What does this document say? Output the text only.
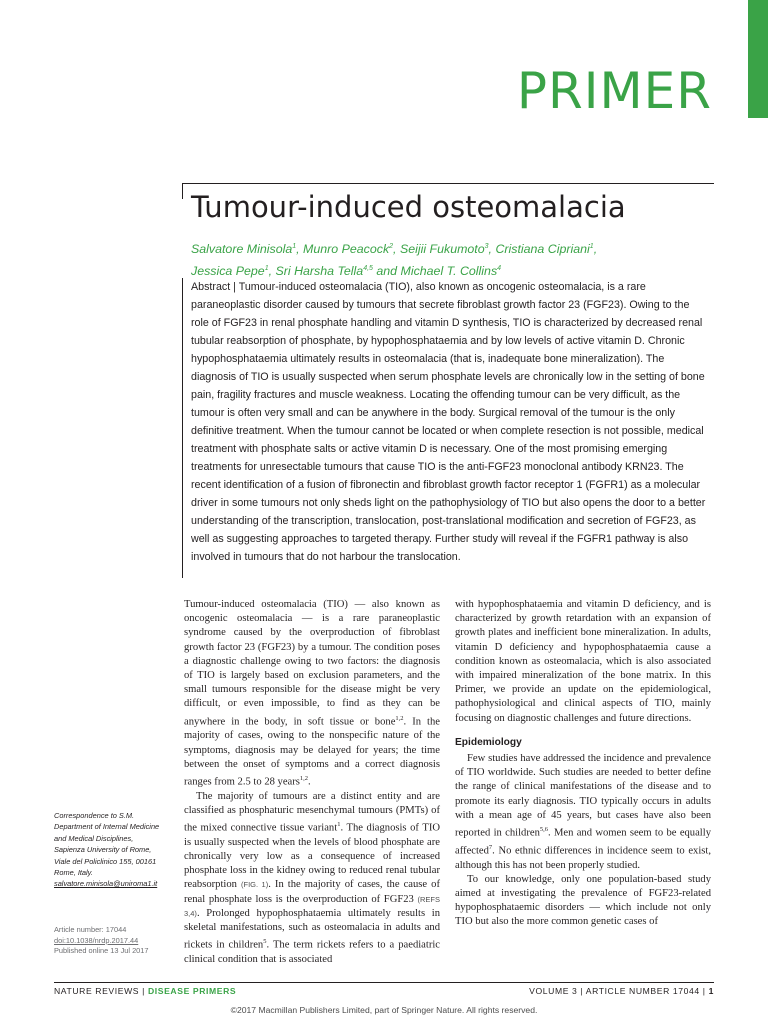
PRIMER
Tumour-induced osteomalacia
Salvatore Minisola$^1$, Munro Peacock$^2$, Seijii Fukumoto$^3$, Cristiana Cipriani$^1$,
Jessica Pepe$^1$, Sri Harsha Tella$^{4,5}$ and Michael T. Collins$^4$

Abstract | Tumour-induced osteomalacia (TIO), also known as oncogenic osteomalacia, is a rare paraneoplastic disorder caused by tumours that secrete fibroblast growth factor 23 (FGF23). Owing to the role of FGF23 in renal phosphate handling and vitamin D synthesis, TIO is characterized by decreased renal tubular reabsorption of phosphate, by hypophosphataemia and by low levels of active vitamin D. Chronic hypophosphataemia ultimately results in osteomalacia (that is, inadequate bone mineralization). The diagnosis of TIO is usually suspected when serum phosphate levels are chronically low in the setting of bone pain, fragility fractures and muscle weakness. Locating the offending tumour can be very difficult, as the tumour is often very small and can be anywhere in the body. Surgical removal of the tumour is the only definitive treatment. When the tumour cannot be located or when complete resection is not possible, medical treatment with phosphate salts or active vitamin D is necessary. One of the most promising emerging treatments for unresectable tumours that cause TIO is the anti-FGF23 monoclonal antibody KRN23. The recent identification of a fusion of fibronectin and fibroblast growth factor receptor 1 (FGFR1) as a molecular driver in some tumours not only sheds light on the pathophysiology of TIO but also opens the door to a better understanding of the transcription, translocation, post-translational modification and secretion of FGF23, as well as suggesting approaches to targeted therapy. Further study will reveal if the FGFR1 pathway is also involved in tumours that do not harbour the translocation.

Tumour-induced osteomalacia (TIO) — also known as oncogenic osteomalacia — is a rare paraneoplastic syndrome caused by the overproduction of fibroblast growth factor 23 (FGF23) by a tumour. The condition poses a diagnostic challenge owing to two factors: the diagnosis of TIO is largely based on exclusion parameters, and the small tumours responsible for the disease might be very difficult, or even impossible, to find as they can be anywhere in the body, in soft tissue or bone$^{1,2}$. In the majority of cases, owing to the nonspecific nature of the symptoms, diagnosis may be delayed for years; the time between the onset of symptoms and a correct diagnosis ranges from 2.5 to 28 years$^{1,2}$.

The majority of tumours are a distinct entity and are classified as phosphaturic mesenchymal tumours (PMTs) of the mixed connective tissue variant$^1$. The diagnosis of TIO is usually suspected when the levels of blood phosphate are chronically very low as a consequence of increased phosphate loss in the kidney owing to reduced renal tubular reabsorption (FIG. 1). In the majority of cases, the cause of renal phosphate loss is the overproduction of FGF23 (REFS 3,4). Prolonged hypophosphataemia ultimately results in skeletal manifestations, such as osteomalacia in adults and rickets in children$^5$. The term rickets refers to a paediatric clinical condition that is associated

with hypophosphataemia and vitamin D deficiency, and is characterized by growth retardation with an expansion of growth plates and inefficient bone mineralization. In adults, vitamin D deficiency and hypophosphataemia cause a condition known as osteomalacia, which is also associated with impaired mineralization of the bone matrix. In this Primer, we provide an update on the epidemiological, pathophysiological and clinical aspects of TIO, mainly focusing on diagnostic challenges and future directions.

Epidemiology

Few studies have addressed the incidence and prevalence of TIO worldwide. Such studies are needed to better define the range of clinical manifestations of the disease and to promote its early diagnosis. TIO typically occurs in adults with a mean age of 45 years, but cases have also been reported in children$^{5,6}$. Men and women seem to be equally affected$^7$. No ethnic differences in incidence seem to exist, although this has not been properly studied.

To our knowledge, only one population-based study aimed at investigating the prevalence of FGF23-related hypophosphataemic disorders — which include not only TIO but also the more common genetic cases of

Correspondence to S.M. Department of Internal Medicine and Medical Disciplines, Sapienza University of Rome, Viale del Policlinico 155, 00161 Rome, Italy.
salvatore.minisola@uniroma1.it
Article number: 17044
doi:10.1038/nrdp.2017.44
Published online 13 Jul 2017
NATURE REVIEWS | DISEASE PRIMERS	VOLUME 3 | ARTICLE NUMBER 17044 | 1
©2017 Macmillan Publishers Limited, part of Springer Nature. All rights reserved.
